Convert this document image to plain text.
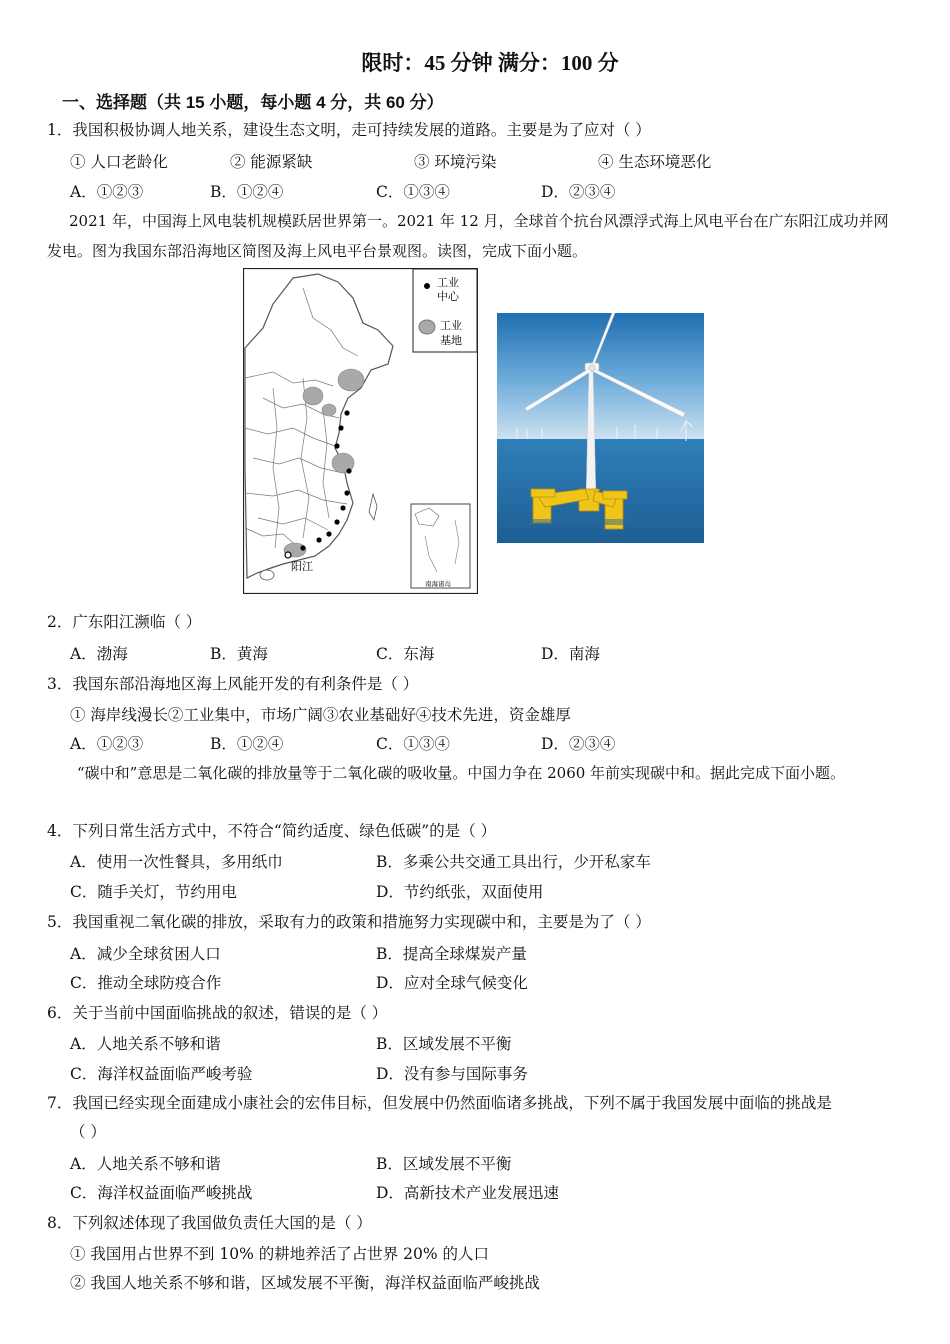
限时：45 分钟 满分：100 分
一、选择题（共 15 小题，每小题 4 分，共 60 分）
1．我国积极协调人地关系，建设生态文明，走可持续发展的道路。主要是为了应对（ ）
① 人口老龄化	② 能源紧缺	③ 环境污染	④ 生态环境恶化
A．①②③	B．①②④	C．①③④	D．②③④
2021 年，中国海上风电装机规模跃居世界第一。2021 年 12 月，全球首个抗台风漂浮式海上风电平台在广东阳江成功并网发电。图为我国东部沿海地区简图及海上风电平台景观图。读图，完成下面小题。
工业
中心
工业
基地
阳江
南海诸岛
2．广东阳江濒临（ ）
A．渤海	B．黄海	C．东海	D．南海
3．我国东部沿海地区海上风能开发的有利条件是（ ）
① 海岸线漫长②工业集中，市场广阔③农业基础好④技术先进，资金雄厚
A．①②③	B．①②④	C．①③④	D．②③④
“碳中和”意思是二氧化碳的排放量等于二氧化碳的吸收量。中国力争在 2060 年前实现碳中和。据此完成下面小题。
4．下列日常生活方式中，不符合“简约适度、绿色低碳”的是（ ）
A．使用一次性餐具，多用纸巾	B．多乘公共交通工具出行，少开私家车
C．随手关灯，节约用电	D．节约纸张，双面使用
5．我国重视二氧化碳的排放，采取有力的政策和措施努力实现碳中和，主要是为了（ ）
A．减少全球贫困人口	B．提高全球煤炭产量
C．推动全球防疫合作	D．应对全球气候变化
6．关于当前中国面临挑战的叙述，错误的是（ ）
A．人地关系不够和谐	B．区域发展不平衡
C．海洋权益面临严峻考验	D．没有参与国际事务
7．我国已经实现全面建成小康社会的宏伟目标，但发展中仍然面临诸多挑战，下列不属于我国发展中面临的挑战是
（ ）
A．人地关系不够和谐	B．区域发展不平衡
C．海洋权益面临严峻挑战	D．高新技术产业发展迅速
8．下列叙述体现了我国做负责任大国的是（ ）
① 我国用占世界不到 10% 的耕地养活了占世界 20% 的人口
② 我国人地关系不够和谐，区域发展不平衡，海洋权益面临严峻挑战
